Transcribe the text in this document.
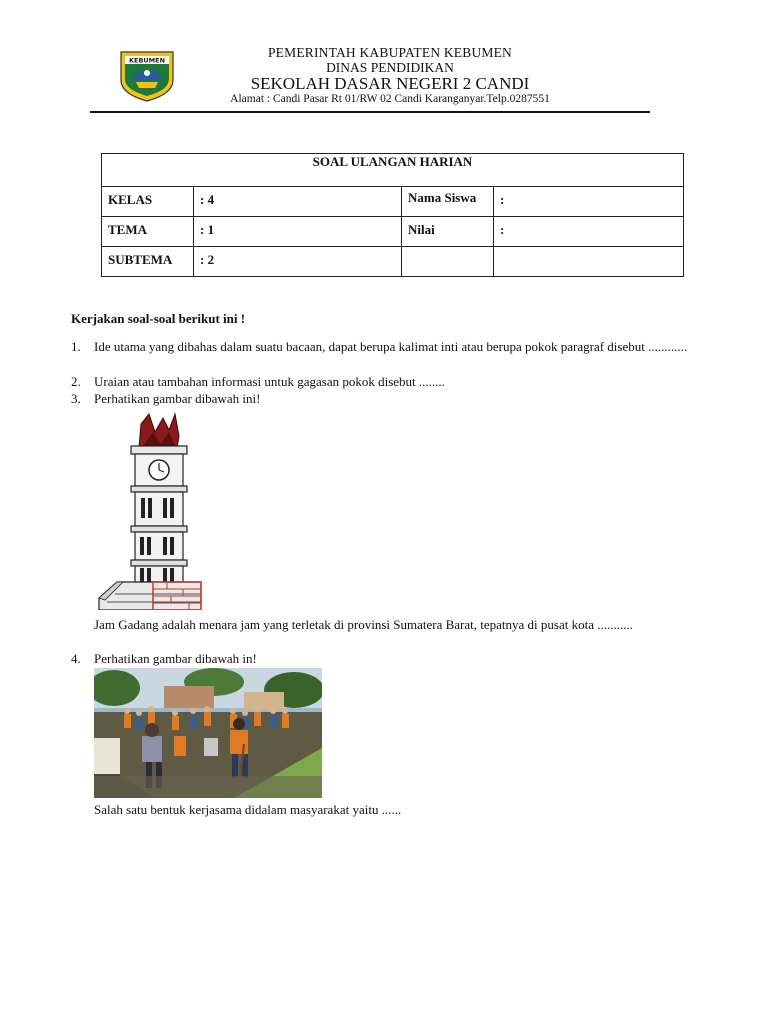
KEBUMEN
PEMERINTAH KABUPATEN KEBUMEN
DINAS PENDIDIKAN
SEKOLAH DASAR NEGERI 2 CANDI
Alamat : Candi Pasar Rt 01/RW 02 Candi Karanganyar.Telp.0287551
SOAL ULANGAN HARIAN			

KELAS	: 4	Nama Siswa	:
TEMA	: 1	Nilai	:
SUBTEMA	: 2		
Kerjakan soal-soal berikut ini !
1.	Ide utama yang dibahas dalam suatu bacaan, dapat berupa kalimat inti atau berupa pokok paragraf disebut ............
2.	Uraian atau tambahan informasi untuk gagasan pokok disebut ........
3.	Perhatikan gambar dibawah ini!
Jam Gadang adalah menara jam yang terletak di provinsi Sumatera Barat, tepatnya di pusat kota ...........
4.	Perhatikan gambar dibawah in!
Salah satu bentuk kerjasama didalam masyarakat yaitu ......
